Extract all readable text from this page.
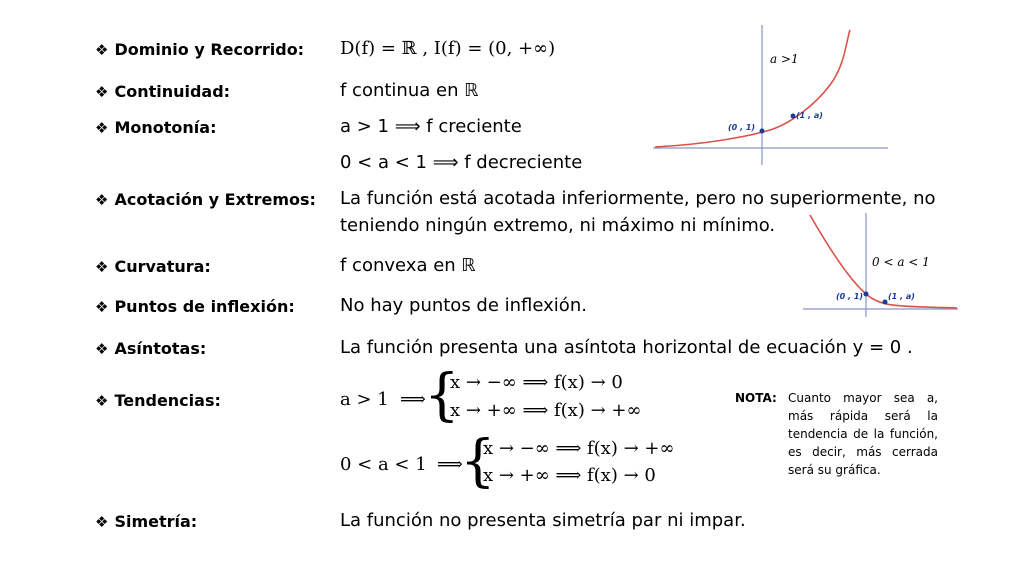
❖ Dominio y Recorrido: D(f) = ℝ , I(f) = (0, +∞)
❖ Continuidad:	f continua en ℝ
❖ Monotonía:	a > 1 ⟹ f creciente
0 < a < 1 ⟹ f decreciente
❖ Acotación y Extremos: La función está acotada inferiormente, pero no superiormente, no
teniendo ningún extremo, ni máximo ni mínimo.
❖ Curvatura:	f convexa en ℝ
❖ Puntos de inflexión:	No hay puntos de inflexión.
❖ Asíntotas:	La función presenta una asíntota horizontal de ecuación y = 0 .
❖ Tendencias:	a > 1 ⟹
{
x → −∞ ⟹ f(x) → 0
x → +∞ ⟹ f(x) → +∞
0 < a < 1 ⟹
{
x → −∞ ⟹ f(x) → +∞
x → +∞ ⟹ f(x) → 0
NOTA: Cuanto mayor sea a, más rápida será la tendencia de la función, es decir, más cerrada será su gráfica.
❖ Simetría:	La función no presenta simetría par ni impar.
(0 , 1)
(1 , a)
a >1
(0 , 1)	(1 , a)
0 < a < 1
